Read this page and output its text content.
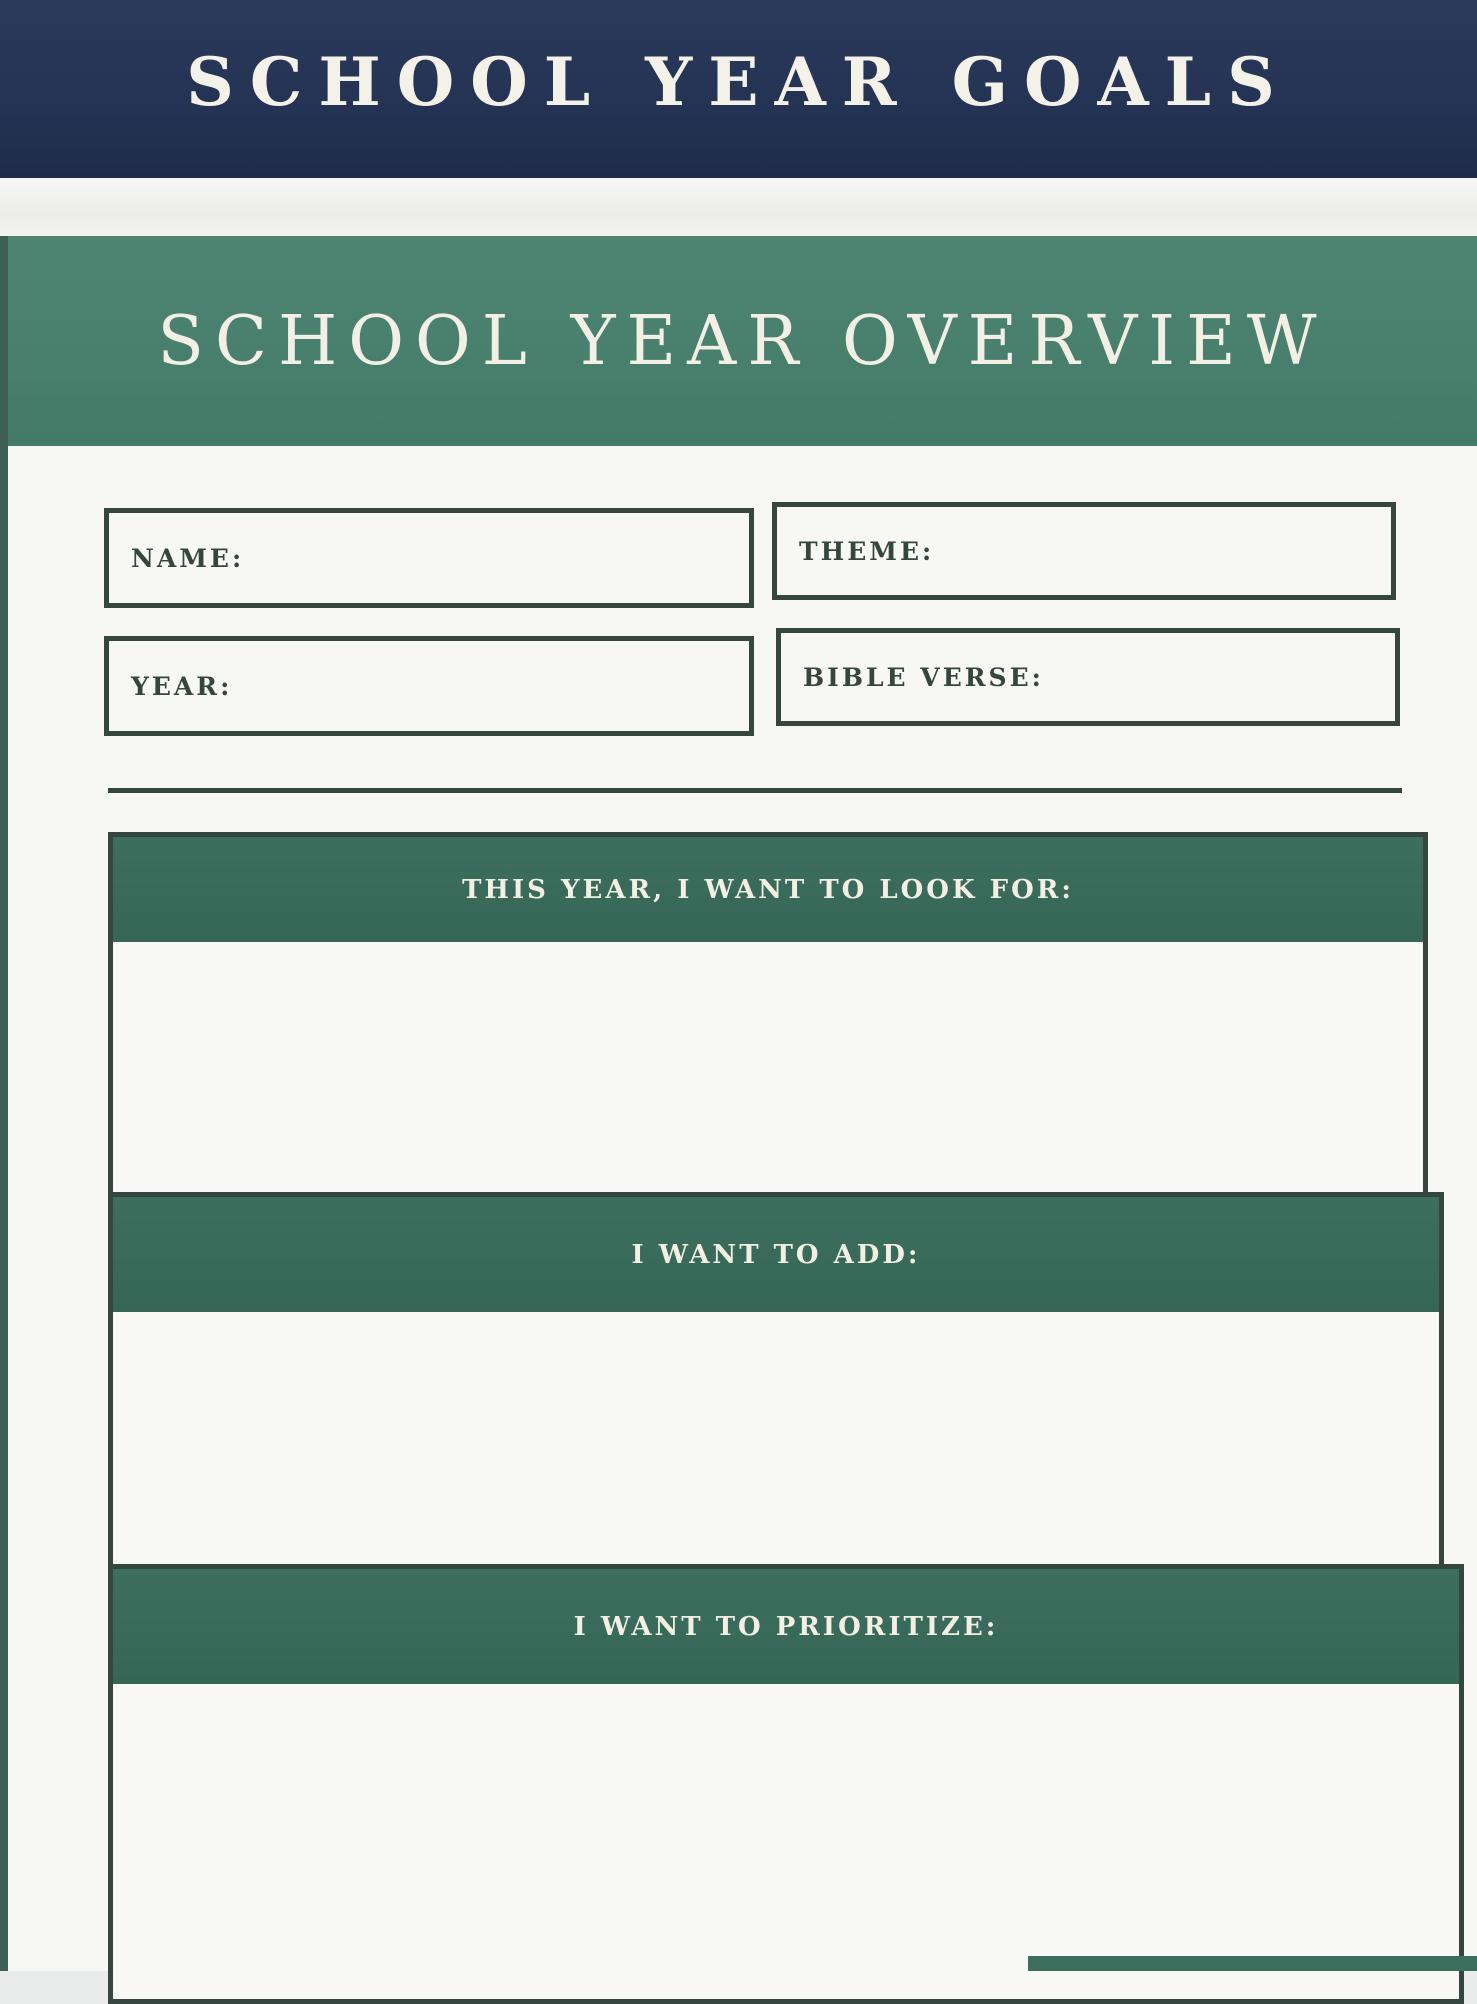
SCHOOL YEAR GOALS
SCHOOL YEAR OVERVIEW
NAME:	THEME:
YEAR:	BIBLE VERSE:
THIS YEAR, I WANT TO LOOK FOR:
I WANT TO ADD:
I WANT TO PRIORITIZE:
